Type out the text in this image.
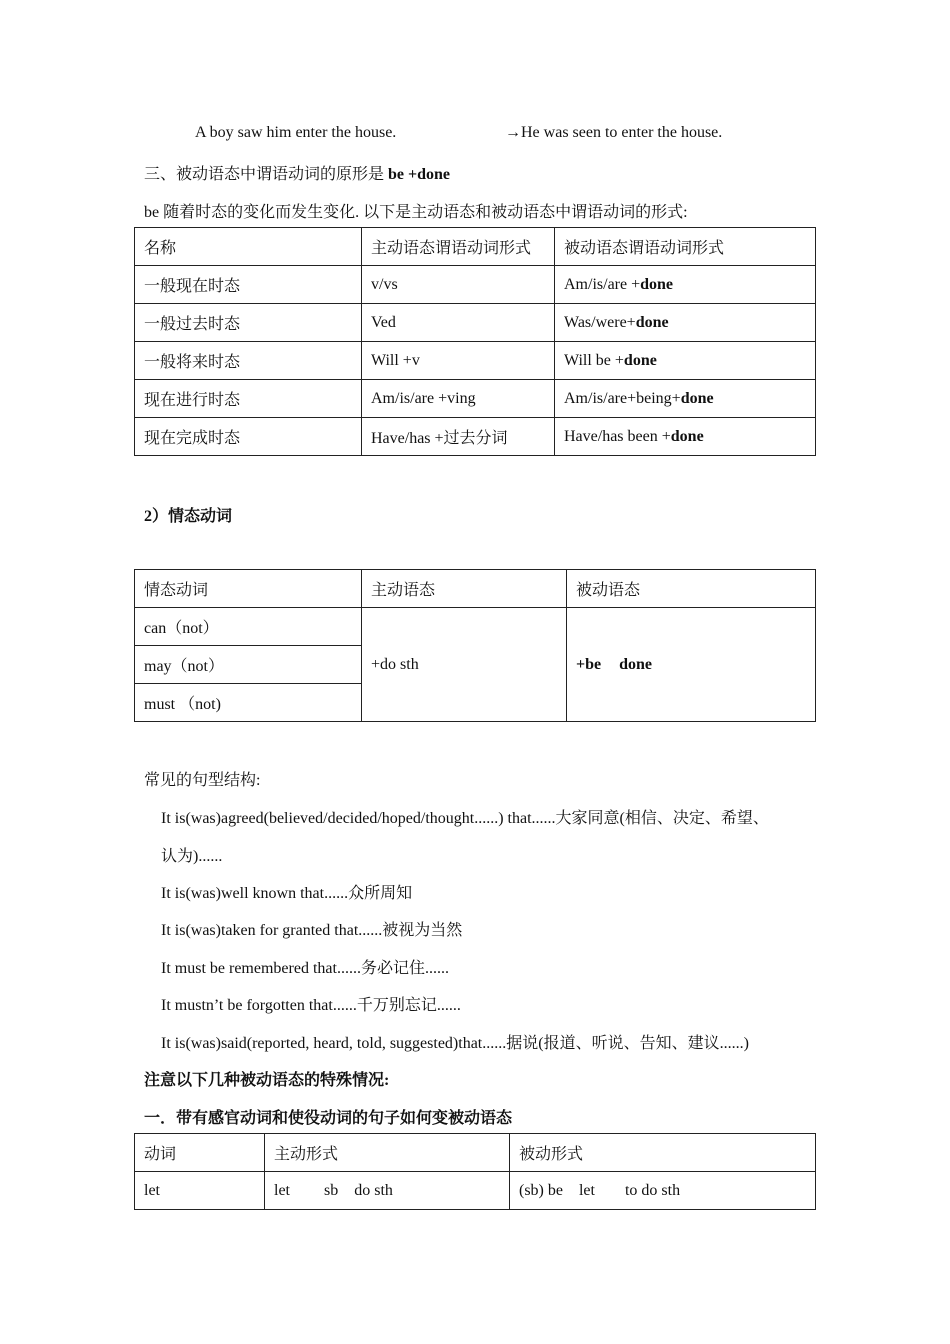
A boy saw him enter the house.	→He was seen to enter the house.
三、被动语态中谓语动词的原形是 be +done
be 随着时态的变化而发生变化. 以下是主动语态和被动语态中谓语动词的形式:
名称	主动语态谓语动词形式	被动语态谓语动词形式
一般现在时态	v/vs	Am/is/are +done
一般过去时态	Ved	Was/were+done
一般将来时态	Will +v	Will be +done
现在进行时态	Am/is/are +ving	Am/is/are+being+done
现在完成时态	Have/has +过去分词	Have/has been +done
2）情态动词
情态动词	主动语态	被动语态
can（not）	+do sth	+be done
may（not）		
must （not)		
常见的句型结构:
It is(was)agreed(believed/decided/hoped/thought......) that......大家同意(相信、决定、希望、
认为)......
It is(was)well known that......众所周知
It is(was)taken for granted that......被视为当然
It must be remembered that......务必记住......
It mustn’t be forgotten that......千万别忘记......
It is(was)said(reported, heard, told, suggested)that......据说(报道、听说、告知、建议......)
注意以下几种被动语态的特殊情况:
一．带有感官动词和使役动词的句子如何变被动语态
动词	主动形式	被动形式
let	let sb do sth	(sb) be let to do sth
